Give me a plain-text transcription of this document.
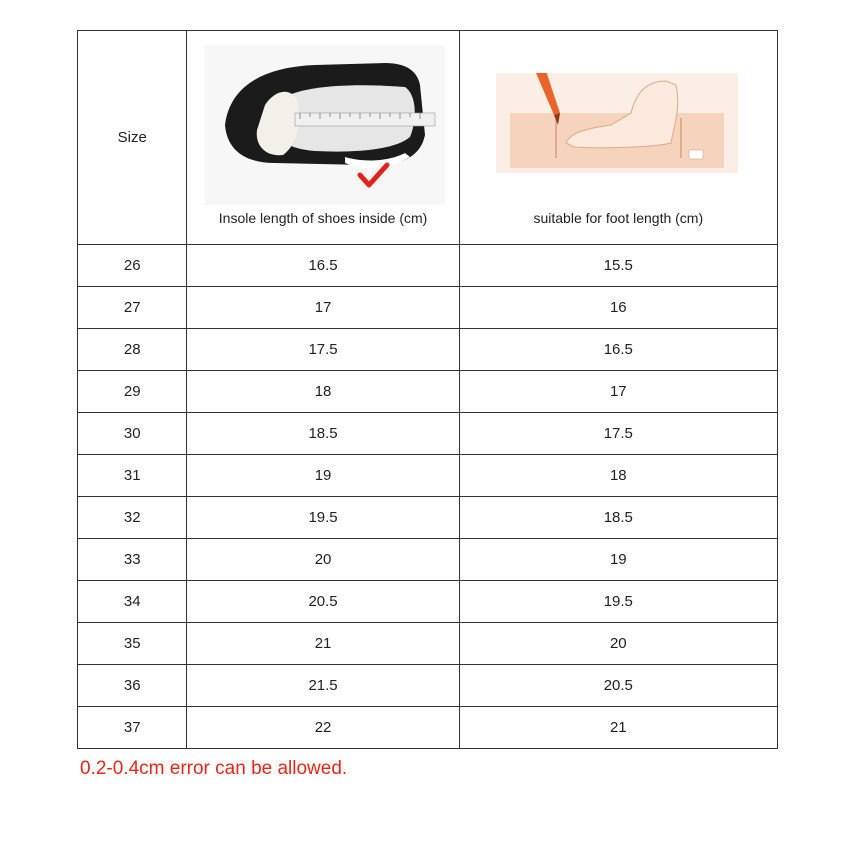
Size	Insole length of shoes inside (cm)	suitable for foot length (cm)

26	16.5	15.5
27	17	16
28	17.5	16.5
29	18	17
30	18.5	17.5
31	19	18
32	19.5	18.5
33	20	19
34	20.5	19.5
35	21	20
36	21.5	20.5
37	22	21
0.2-0.4cm error can be allowed.
